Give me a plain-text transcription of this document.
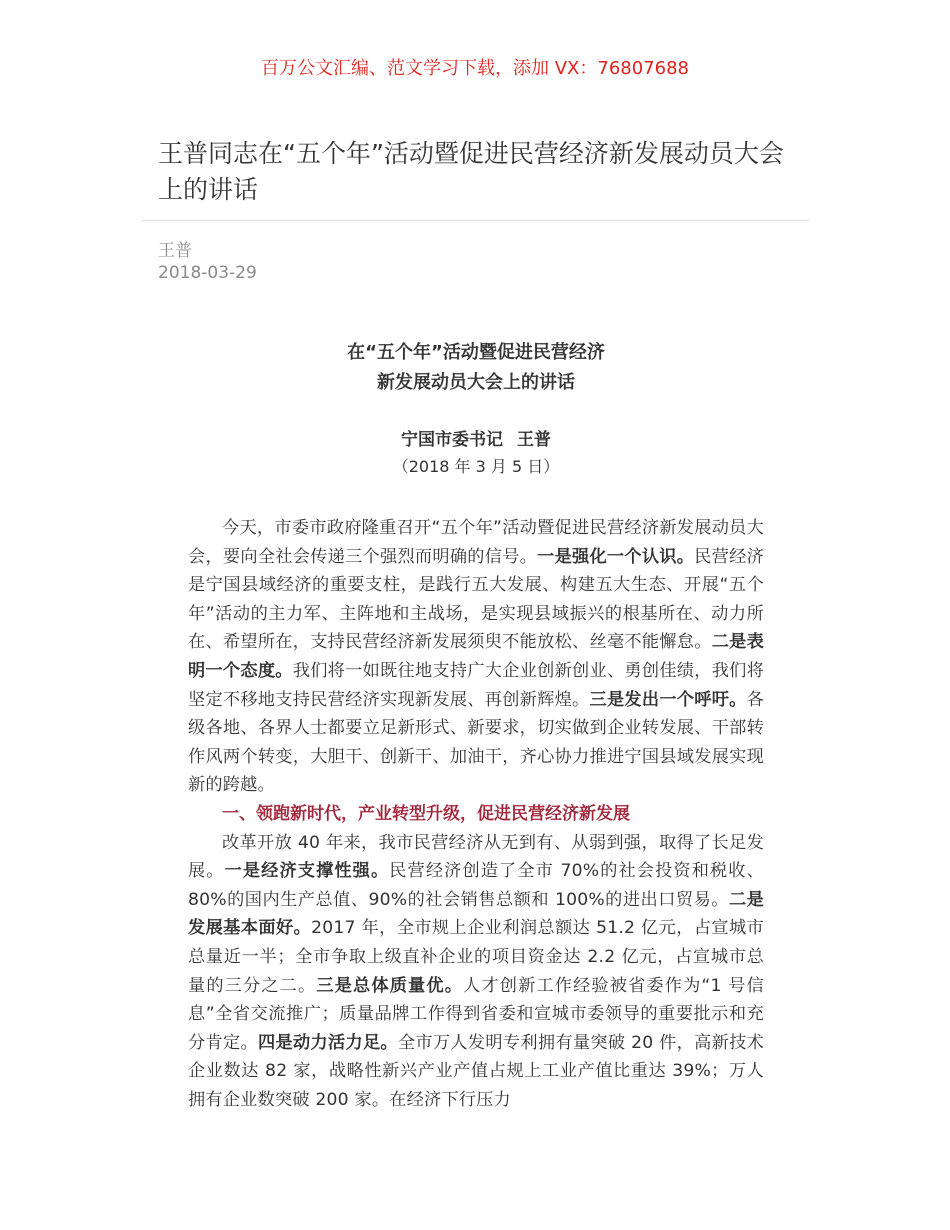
百万公文汇编、范文学习下载，添加 VX：76807688
王普同志在“五个年”活动暨促进民营经济新发展动员大会上的讲话
王普
2018-03-29
在“五个年”活动暨促进民营经济
新发展动员大会上的讲话
宁国市委书记 王普
（2018 年 3 月 5 日）

今天，市委市政府隆重召开“五个年”活动暨促进民营经济新发展动员大会，要向全社会传递三个强烈而明确的信号。一是强化一个认识。民营经济是宁国县域经济的重要支柱，是践行五大发展、构建五大生态、开展“五个年”活动的主力军、主阵地和主战场，是实现县域振兴的根基所在、动力所在、希望所在，支持民营经济新发展须臾不能放松、丝毫不能懈怠。二是表明一个态度。我们将一如既往地支持广大企业创新创业、勇创佳绩，我们将坚定不移地支持民营经济实现新发展、再创新辉煌。三是发出一个呼吁。各级各地、各界人士都要立足新形式、新要求，切实做到企业转发展、干部转作风两个转变，大胆干、创新干、加油干，齐心协力推进宁国县域发展实现新的跨越。

一、领跑新时代，产业转型升级，促进民营经济新发展

改革开放 40 年来，我市民营经济从无到有、从弱到强，取得了长足发展。一是经济支撑性强。民营经济创造了全市 70%的社会投资和税收、80%的国内生产总值、90%的社会销售总额和 100%的进出口贸易。二是发展基本面好。2017 年，全市规上企业利润总额达 51.2 亿元，占宣城市总量近一半；全市争取上级直补企业的项目资金达 2.2 亿元，占宣城市总量的三分之二。三是总体质量优。人才创新工作经验被省委作为“1 号信息”全省交流推广；质量品牌工作得到省委和宣城市委领导的重要批示和充分肯定。四是动力活力足。全市万人发明专利拥有量突破 20 件，高新技术企业数达 82 家，战略性新兴产业产值占规上工业产值比重达 39%；万人拥有企业数突破 200 家。在经济下行压力
